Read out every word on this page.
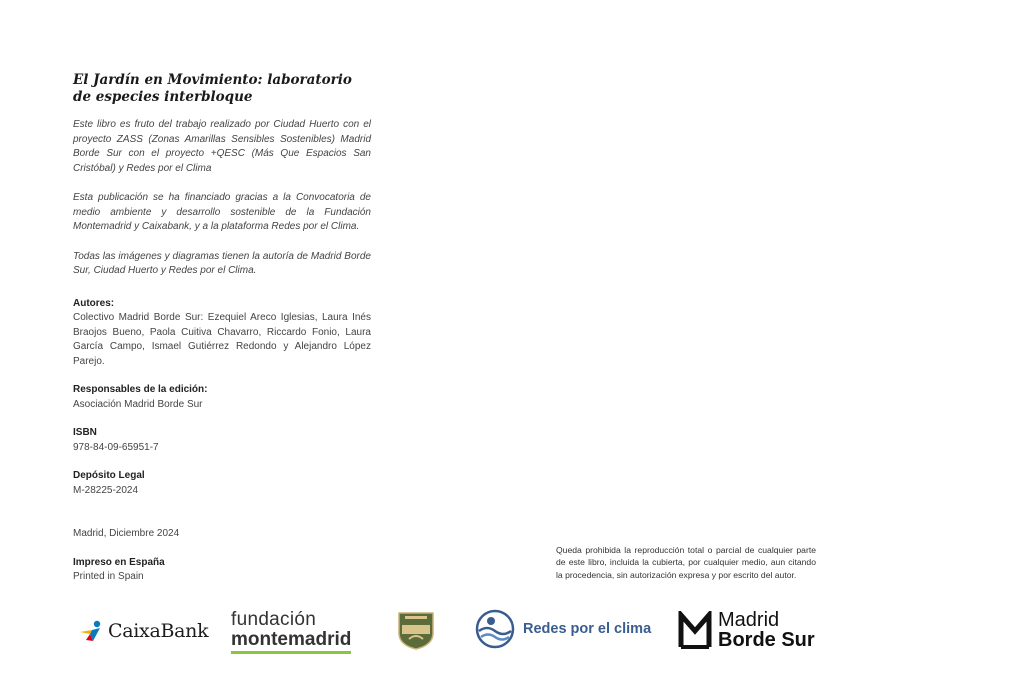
El Jardín en Movimiento: laboratorio de especies interbloque

Este libro es fruto del trabajo realizado por Ciudad Huerto con el proyecto ZASS (Zonas Amarillas Sensibles Sostenibles) Madrid Borde Sur con el proyecto +QESC (Más Que Espacios San Cristóbal) y Redes por el Clima

Esta publicación se ha financiado gracias a la Convocatoria de medio ambiente y desarrollo sostenible de la Fundación Montemadrid y Caixabank, y a la plataforma Redes por el Clima.

Todas las imágenes y diagramas tienen la autoría de Madrid Borde Sur, Ciudad Huerto y Redes por el Clima.

Autores:

Colectivo Madrid Borde Sur: Ezequiel Areco Iglesias, Laura Inés Braojos Bueno, Paola Cuitiva Chavarro, Riccardo Fonio, Laura García Campo, Ismael Gutiérrez Redondo y Alejandro López Parejo.

Responsables de la edición:

Asociación Madrid Borde Sur

ISBN

978-84-09-65951-7

Depósito Legal

M-28225-2024

Madrid, Diciembre 2024

Impreso en España

Printed in Spain

Queda prohibida la reproducción total o parcial de cualquier parte de este libro, incluida la cubierta, por cualquier medio, aun citando la procedencia, sin autorización expresa y por escrito del autor.

CaixaBank
fundación
montemadrid	Redes por el clima	Madrid
Borde Sur
